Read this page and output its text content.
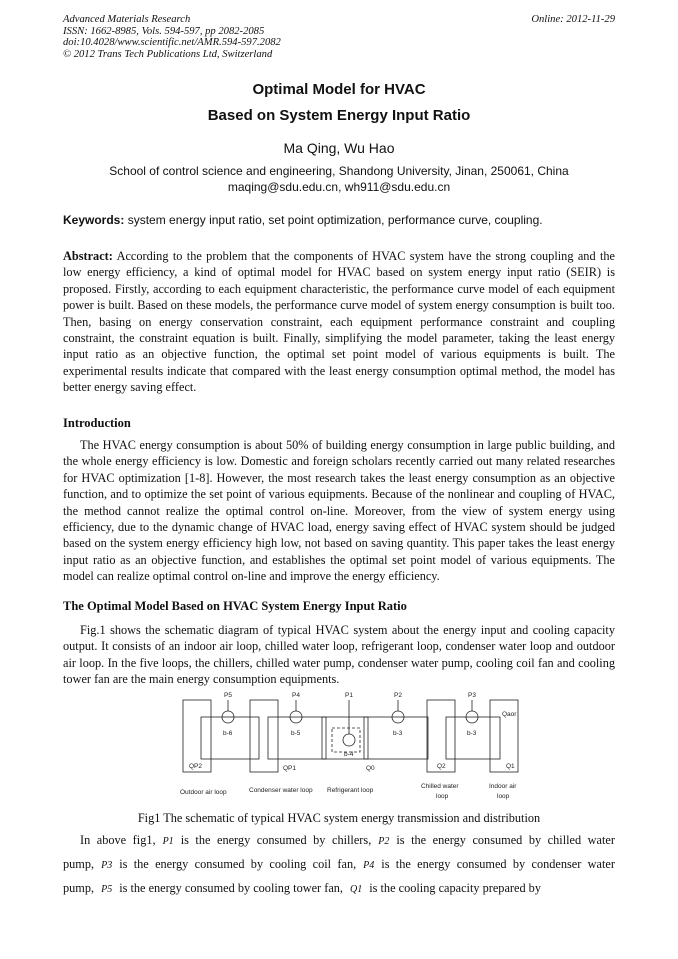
Advanced Materials Research
ISSN: 1662-8985, Vols. 594-597, pp 2082-2085
doi:10.4028/www.scientific.net/AMR.594-597.2082
© 2012 Trans Tech Publications Ltd, Switzerland
Online: 2012-11-29
Optimal Model for HVAC
Based on System Energy Input Ratio
Ma Qing, Wu Hao
School of control science and engineering, Shandong University, Jinan, 250061, China
maqing@sdu.edu.cn, wh911@sdu.edu.cn
Keywords: system energy input ratio, set point optimization, performance curve, coupling.
Abstract: According to the problem that the components of HVAC system have the strong coupling and the low energy efficiency, a kind of optimal model for HVAC based on system energy input ratio (SEIR) is proposed. Firstly, according to each equipment characteristic, the performance curve model of each equipment power is built. Based on these models, the performance curve model of system energy consumption is built too. Then, basing on energy conservation constraint, each equipment performance constraint and coupling constraint, the constraint equation is built. Finally, simplifying the model parameter, taking the least energy input ratio as an objective function, the optimal set point model of various equipments is built. The experimental results indicate that compared with the least energy consumption optimal method, the model has better energy saving effect.
Introduction
The HVAC energy consumption is about 50% of building energy consumption in large public building, and the whole energy efficiency is low. Domestic and foreign scholars recently carried out many related researches for HVAC optimization [1-8]. However, the most research takes the least energy consumption as an objective function, and to optimize the set point of various equipments. Because of the nonlinear and coupling of HVAC, the method cannot realize the optimal control on-line. Moreover, from the view of system energy using efficiency, due to the dynamic change of HVAC load, energy saving effect of HVAC system should be judged based on the system energy efficiency high low, not based on saving quantity. This paper takes the least energy input ratio as an objective function, and establishes the optimal set point model of various equipments. The model can realize optimal control on-line and improve the energy efficiency.
The Optimal Model Based on HVAC System Energy Input Ratio
Fig.1 shows the schematic diagram of typical HVAC system about the energy input and cooling capacity output. It consists of an indoor air loop, chilled water loop, refrigerant loop, condenser water loop and outdoor air loop. In the five loops, the chillers, chilled water pump, condenser water pump, cooling coil fan and cooling tower fan are the main energy consumption equipments.
P5	P4	P1	P2	P3
b-6	b-5
b-4
b-3	b-3
QP2	QP1	Q0	Q2	Q1
Qaor
Outdoor air loop	Condenser water loop Refrigerant loop
Chilled water
loop
Indoor air
loop
Fig1 The schematic of typical HVAC system energy transmission and distribution
In above fig1, P1 is the energy consumed by chillers, P2 is the energy consumed by chilled water pump, P3 is the energy consumed by cooling coil fan, P4 is the energy consumed by condenser water pump, P5 is the energy consumed by cooling tower fan, Q1 is the cooling capacity prepared by
